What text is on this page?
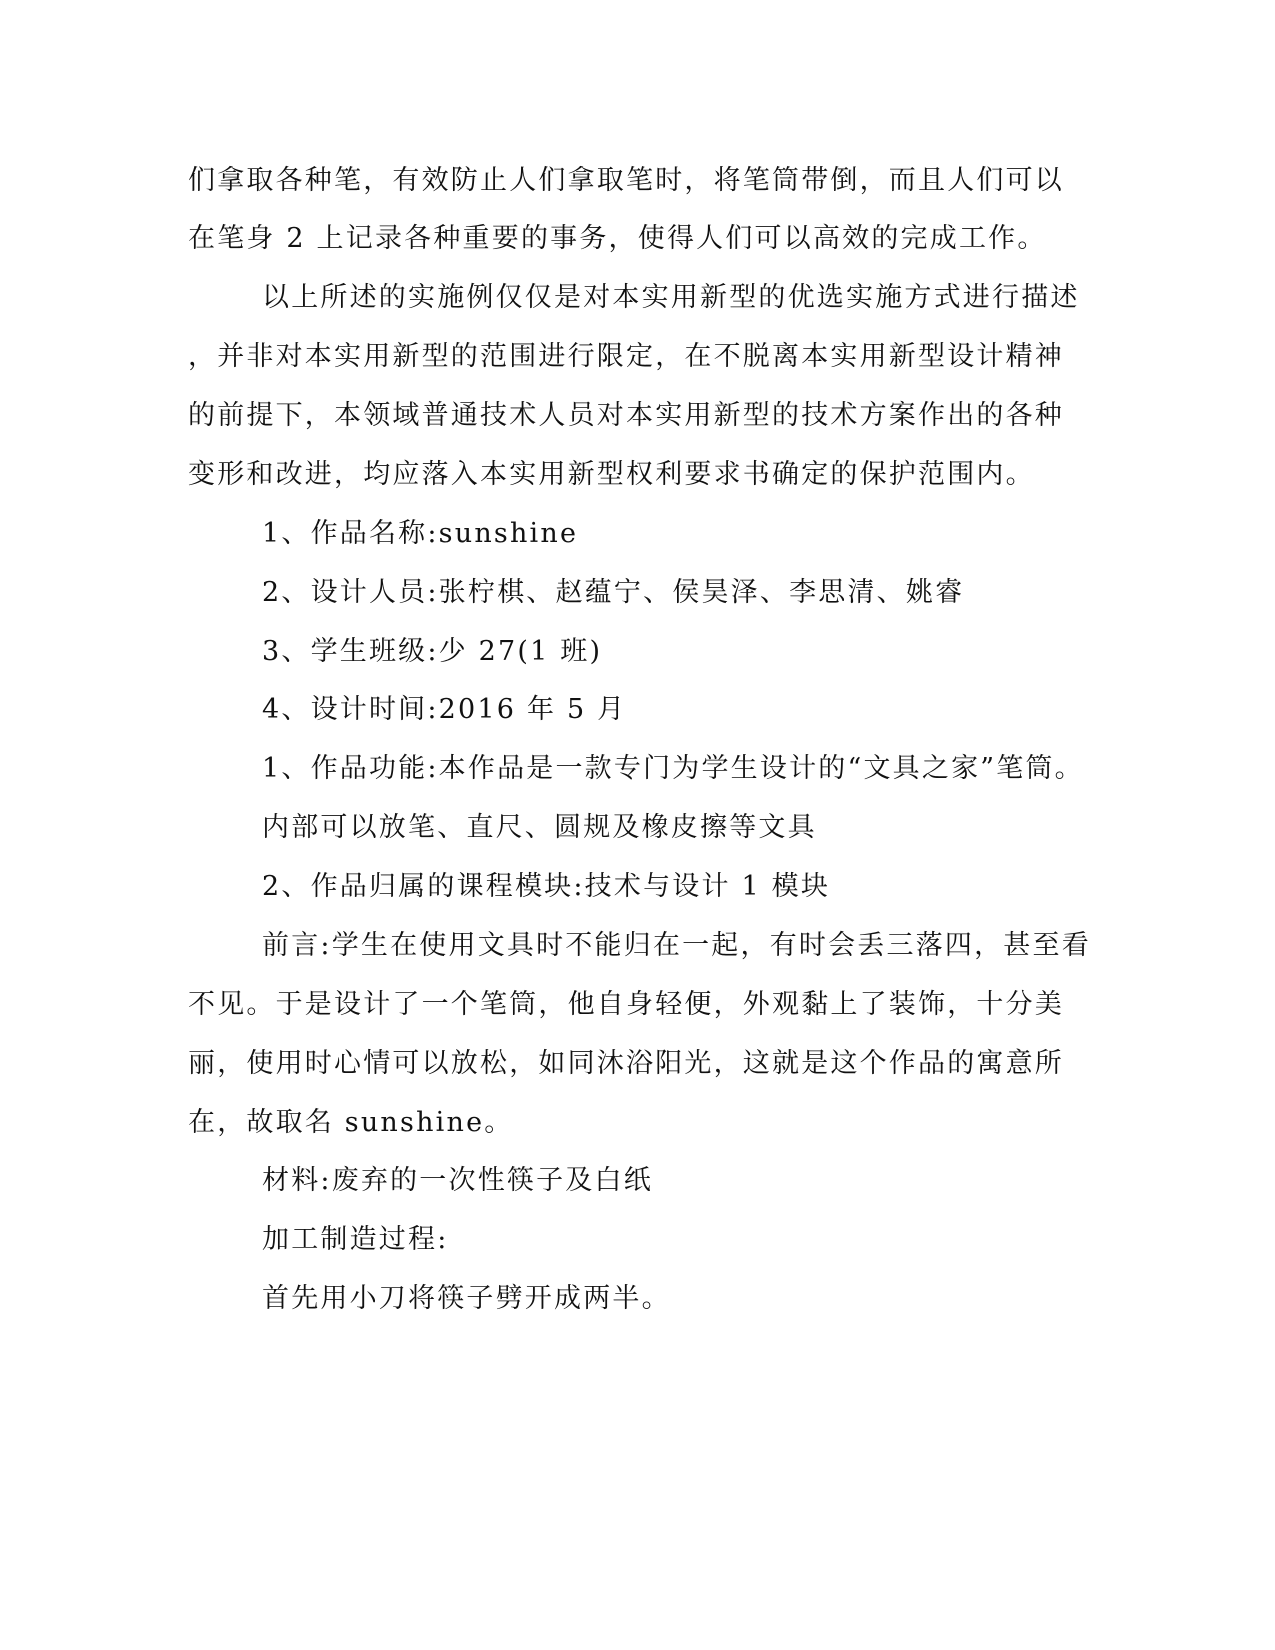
们拿取各种笔，有效防止人们拿取笔时，将笔筒带倒，而且人们可以
在笔身 2 上记录各种重要的事务，使得人们可以高效的完成工作。
以上所述的实施例仅仅是对本实用新型的优选实施方式进行描述
，并非对本实用新型的范围进行限定，在不脱离本实用新型设计精神
的前提下，本领域普通技术人员对本实用新型的技术方案作出的各种
变形和改进，均应落入本实用新型权利要求书确定的保护范围内。
1、作品名称:sunshine
2、设计人员:张柠棋、赵蕴宁、侯昊泽、李思清、姚睿
3、学生班级:少 27(1 班)
4、设计时间:2016 年 5 月
1、作品功能:本作品是一款专门为学生设计的“文具之家”笔筒。
内部可以放笔、直尺、圆规及橡皮擦等文具
2、作品归属的课程模块:技术与设计 1 模块
前言:学生在使用文具时不能归在一起，有时会丢三落四，甚至看
不见。于是设计了一个笔筒，他自身轻便，外观黏上了装饰，十分美
丽，使用时心情可以放松，如同沐浴阳光，这就是这个作品的寓意所
在，故取名 sunshine。
材料:废弃的一次性筷子及白纸
加工制造过程:
首先用小刀将筷子劈开成两半。
